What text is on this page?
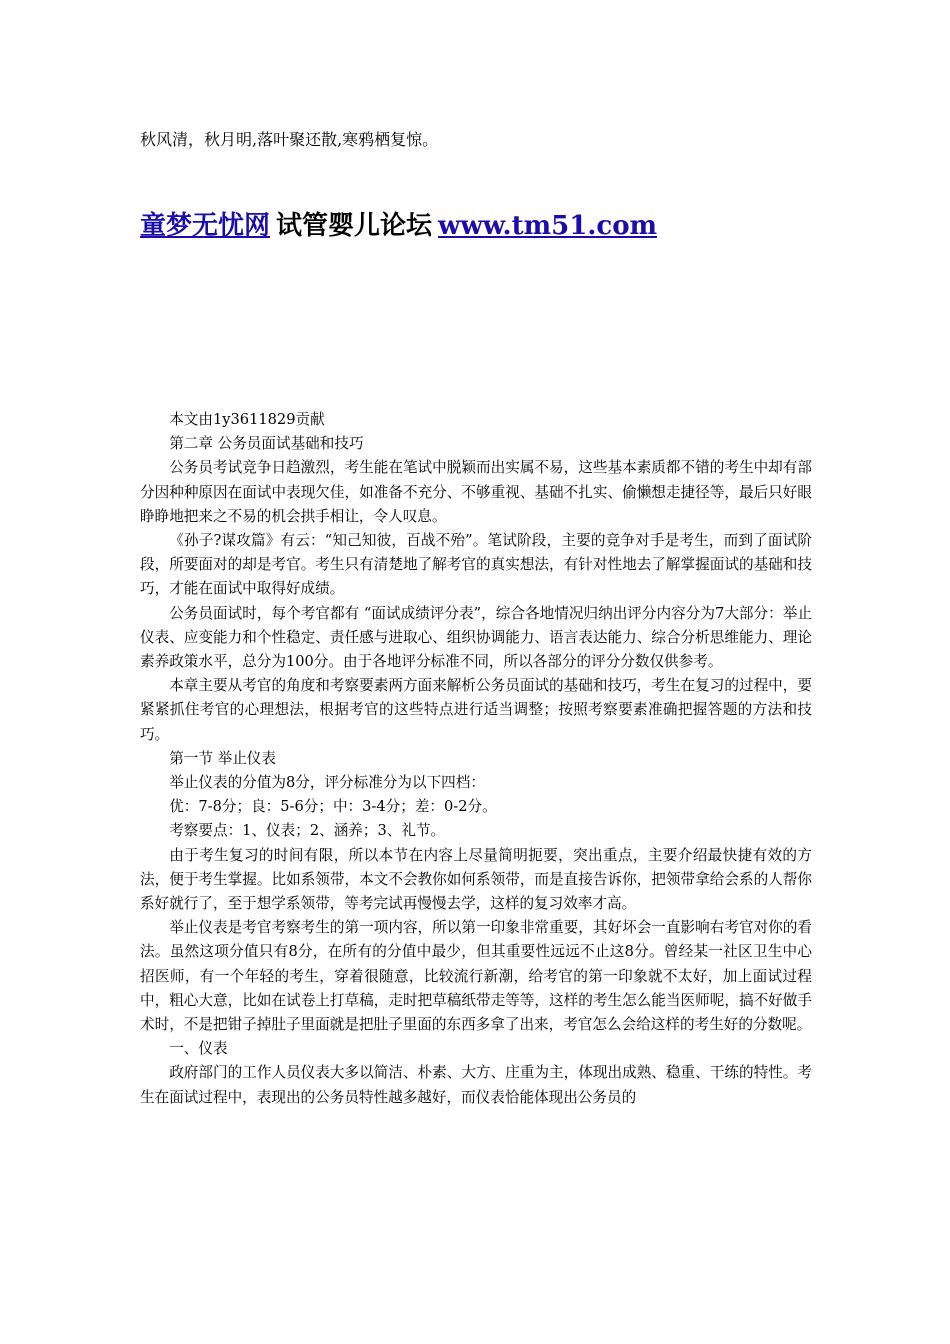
秋风清，秋月明,落叶聚还散,寒鸦栖复惊。
童梦无忧网 试管婴儿论坛 www.tm51.com

本文由1y3611829贡献

第二章 公务员面试基础和技巧

公务员考试竞争日趋激烈，考生能在笔试中脱颖而出实属不易，这些基本素质都不错的考生中却有部分因种种原因在面试中表现欠佳，如准备不充分、不够重视、基础不扎实、偷懒想走捷径等，最后只好眼睁睁地把来之不易的机会拱手相让，令人叹息。

《孙子?谋攻篇》有云：“知己知彼，百战不殆”。笔试阶段，主要的竞争对手是考生，而到了面试阶段，所要面对的却是考官。考生只有清楚地了解考官的真实想法，有针对性地去了解掌握面试的基础和技巧，才能在面试中取得好成绩。

公务员面试时，每个考官都有 “面试成绩评分表”，综合各地情况归纳出评分内容分为7大部分：举止仪表、应变能力和个性稳定、责任感与进取心、组织协调能力、语言表达能力、综合分析思维能力、理论素养政策水平，总分为100分。由于各地评分标准不同，所以各部分的评分分数仅供参考。

本章主要从考官的角度和考察要素两方面来解析公务员面试的基础和技巧，考生在复习的过程中，要紧紧抓住考官的心理想法，根据考官的这些特点进行适当调整；按照考察要素准确把握答题的方法和技巧。

第一节 举止仪表

举止仪表的分值为8分，评分标准分为以下四档：

优：7-8分；良：5-6分；中：3-4分；差：0-2分。

考察要点：1、仪表；2、涵养；3、礼节。

由于考生复习的时间有限，所以本节在内容上尽量简明扼要，突出重点，主要介绍最快捷有效的方法，便于考生掌握。比如系领带，本文不会教你如何系领带，而是直接告诉你，把领带拿给会系的人帮你系好就行了，至于想学系领带，等考完试再慢慢去学，这样的复习效率才高。

举止仪表是考官考察考生的第一项内容，所以第一印象非常重要，其好坏会一直影响右考官对你的看法。虽然这项分值只有8分，在所有的分值中最少，但其重要性远远不止这8分。曾经某一社区卫生中心招医师，有一个年轻的考生，穿着很随意，比较流行新潮，给考官的第一印象就不太好，加上面试过程中，粗心大意，比如在试卷上打草稿，走时把草稿纸带走等等，这样的考生怎么能当医师呢，搞不好做手术时，不是把钳子掉肚子里面就是把肚子里面的东西多拿了出来，考官怎么会给这样的考生好的分数呢。

一、仪表

政府部门的工作人员仪表大多以简洁、朴素、大方、庄重为主，体现出成熟、稳重、干练的特性。考生在面试过程中，表现出的公务员特性越多越好，而仪表恰能体现出公务员的
